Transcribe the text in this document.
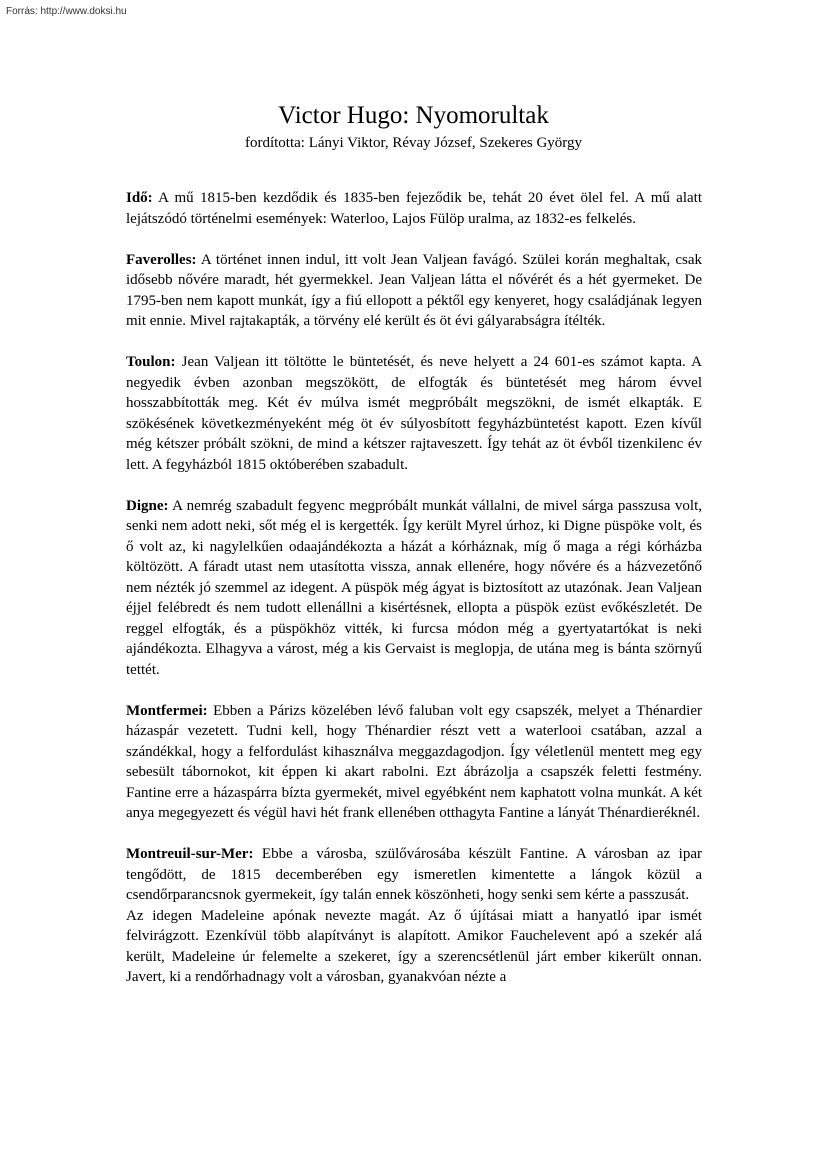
Forrás: http://www.doksi.hu
Victor Hugo: Nyomorultak
fordította: Lányi Viktor, Révay József, Szekeres György

Idő: A mű 1815-ben kezdődik és 1835-ben fejeződik be, tehát 20 évet ölel fel. A mű alatt lejátszódó történelmi események: Waterloo, Lajos Fülöp uralma, az 1832-es felkelés.

Faverolles: A történet innen indul, itt volt Jean Valjean favágó. Szülei korán meghaltak, csak idősebb nővére maradt, hét gyermekkel. Jean Valjean látta el nővérét és a hét gyermeket. De 1795-ben nem kapott munkát, így a fiú ellopott a péktől egy kenyeret, hogy családjának legyen mit ennie. Mivel rajtakapták, a törvény elé került és öt évi gályarabságra ítélték.

Toulon: Jean Valjean itt töltötte le büntetését, és neve helyett a 24 601-es számot kapta. A negyedik évben azonban megszökött, de elfogták és büntetését meg három évvel hosszabbították meg. Két év múlva ismét megpróbált megszökni, de ismét elkapták. E szökésének következményeként még öt év súlyosbított fegyházbüntetést kapott. Ezen kívűl még kétszer próbált szökni, de mind a kétszer rajtaveszett. Így tehát az öt évből tizenkilenc év lett. A fegyházból 1815 októberében szabadult.

Digne: A nemrég szabadult fegyenc megpróbált munkát vállalni, de mivel sárga passzusa volt, senki nem adott neki, sőt még el is kergették. Így került Myrel úrhoz, ki Digne püspöke volt, és ő volt az, ki nagylelkűen odaajándékozta a házát a kórháznak, míg ő maga a régi kórházba költözött. A fáradt utast nem utasította vissza, annak ellenére, hogy nővére és a házvezetőnő nem nézték jó szemmel az idegent. A püspök még ágyat is biztosított az utazónak. Jean Valjean éjjel felébredt és nem tudott ellenállni a kisértésnek, ellopta a püspök ezüst evőkészletét. De reggel elfogták, és a püspökhöz vitték, ki furcsa módon még a gyertyatartókat is neki ajándékozta. Elhagyva a várost, még a kis Gervaist is meglopja, de utána meg is bánta szörnyű tettét.

Montfermei: Ebben a Párizs közelében lévő faluban volt egy csapszék, melyet a Thénardier házaspár vezetett. Tudni kell, hogy Thénardier részt vett a waterlooi csatában, azzal a szándékkal, hogy a felfordulást kihasználva meggazdagodjon. Így véletlenül mentett meg egy sebesült tábornokot, kit éppen ki akart rabolni. Ezt ábrázolja a csapszék feletti festmény. Fantine erre a házaspárra bízta gyermekét, mivel egyébként nem kaphatott volna munkát. A két anya megegyezett és végül havi hét frank ellenében otthagyta Fantine a lányát Thénardieréknél.

Montreuil-sur-Mer: Ebbe a városba, szülővárosába készült Fantine. A városban az ipar tengődött, de 1815 decemberében egy ismeretlen kimentette a lángok közül a csendőrparancsnok gyermekeit, így talán ennek köszönheti, hogy senki sem kérte a passzusát.

Az idegen Madeleine apónak nevezte magát. Az ő újításai miatt a hanyatló ipar ismét felvirágzott. Ezenkívül több alapítványt is alapított. Amikor Fauchelevent apó a szekér alá került, Madeleine úr felemelte a szekeret, így a szerencsétlenül járt ember kikerült onnan. Javert, ki a rendőrhadnagy volt a városban, gyanakvóan nézte a
